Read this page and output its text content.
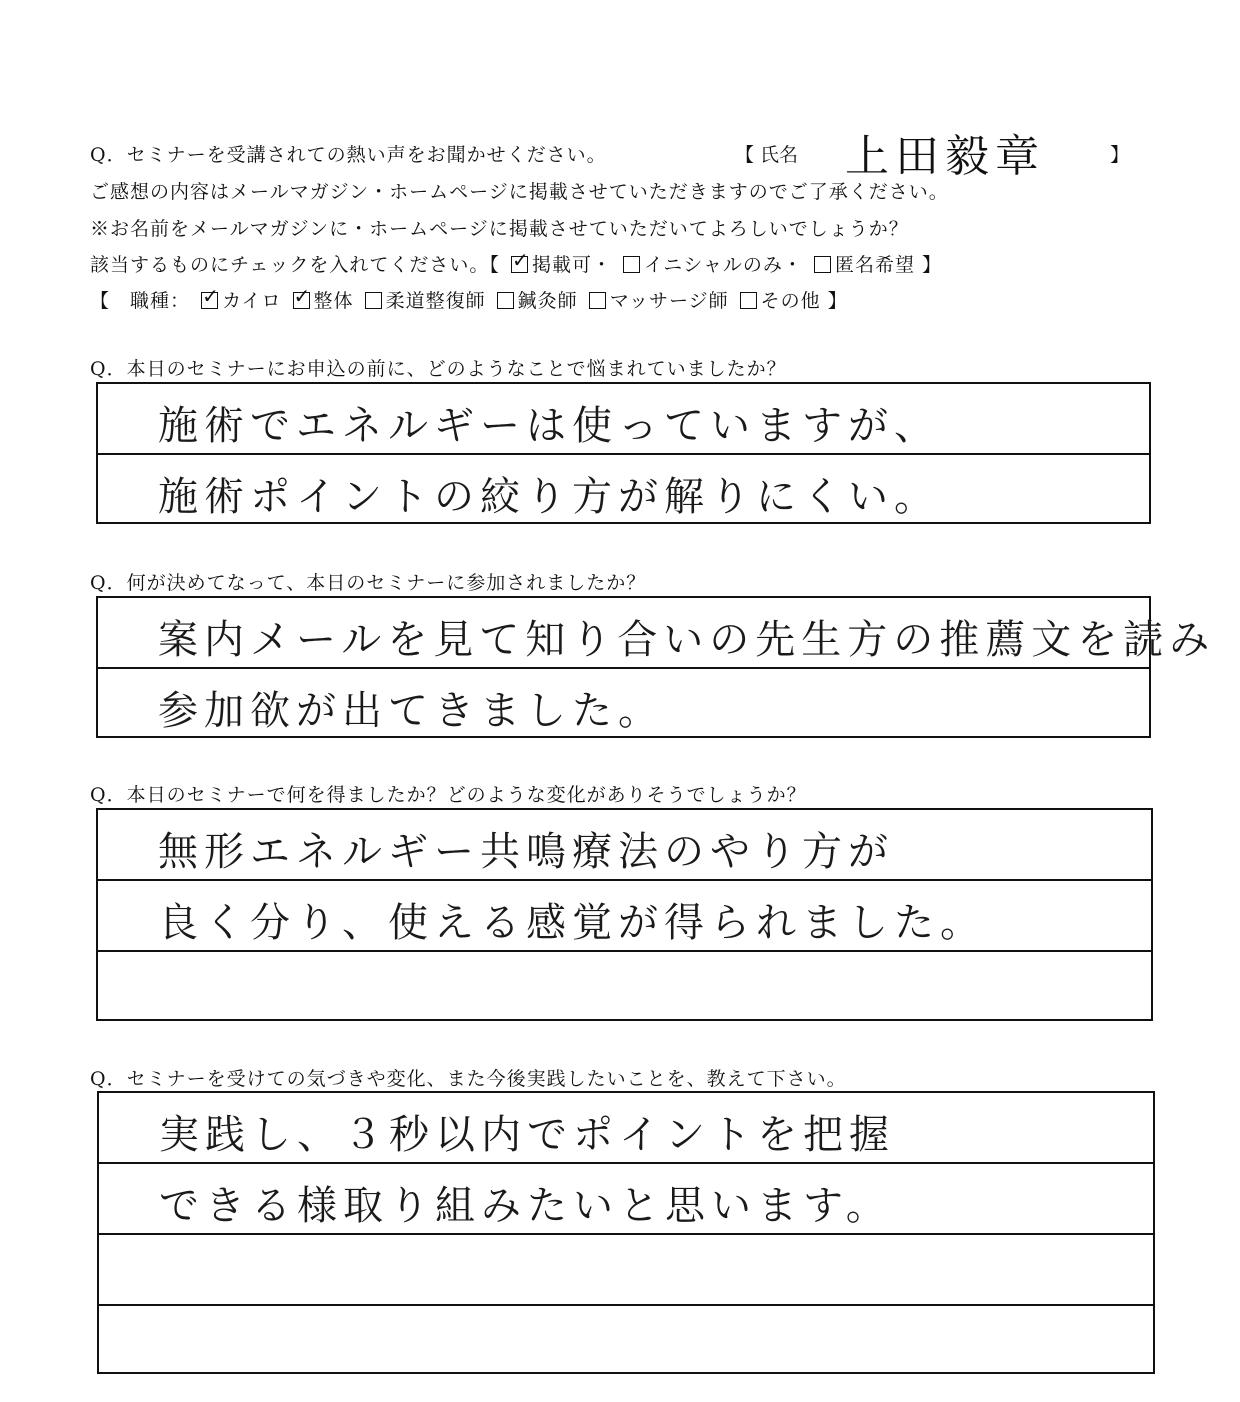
Q．セミナーを受講されての熱い声をお聞かせください。	【 氏名	】
上田毅章
ご感想の内容はメールマガジン・ホームページに掲載させていただきますのでご了承ください。
※お名前をメールマガジンに・ホームページに掲載させていただいてよろしいでしょうか？
該当するものにチェックを入れてください。【 ✓ 掲載可・ イニシャルのみ・ 匿名希望 】
【　職種： ✓ カイロ ✓ 整体 柔道整復師 鍼灸師 マッサージ師 その他 】
Q．本日のセミナーにお申込の前に、どのようなことで悩まれていましたか？
施術でエネルギーは使っていますが、
施術ポイントの絞り方が解りにくい。
Q．何が決めてなって、本日のセミナーに参加されましたか？
案内メールを見て知り合いの先生方の推薦文を読み
参加欲が出てきました。
Q．本日のセミナーで何を得ましたか？どのような変化がありそうでしょうか？
無形エネルギー共鳴療法のやり方が
良く分り、使える感覚が得られました。
Q．セミナーを受けての気づきや変化、また今後実践したいことを、教えて下さい。
実践し、３秒以内でポイントを把握
できる様取り組みたいと思います。
